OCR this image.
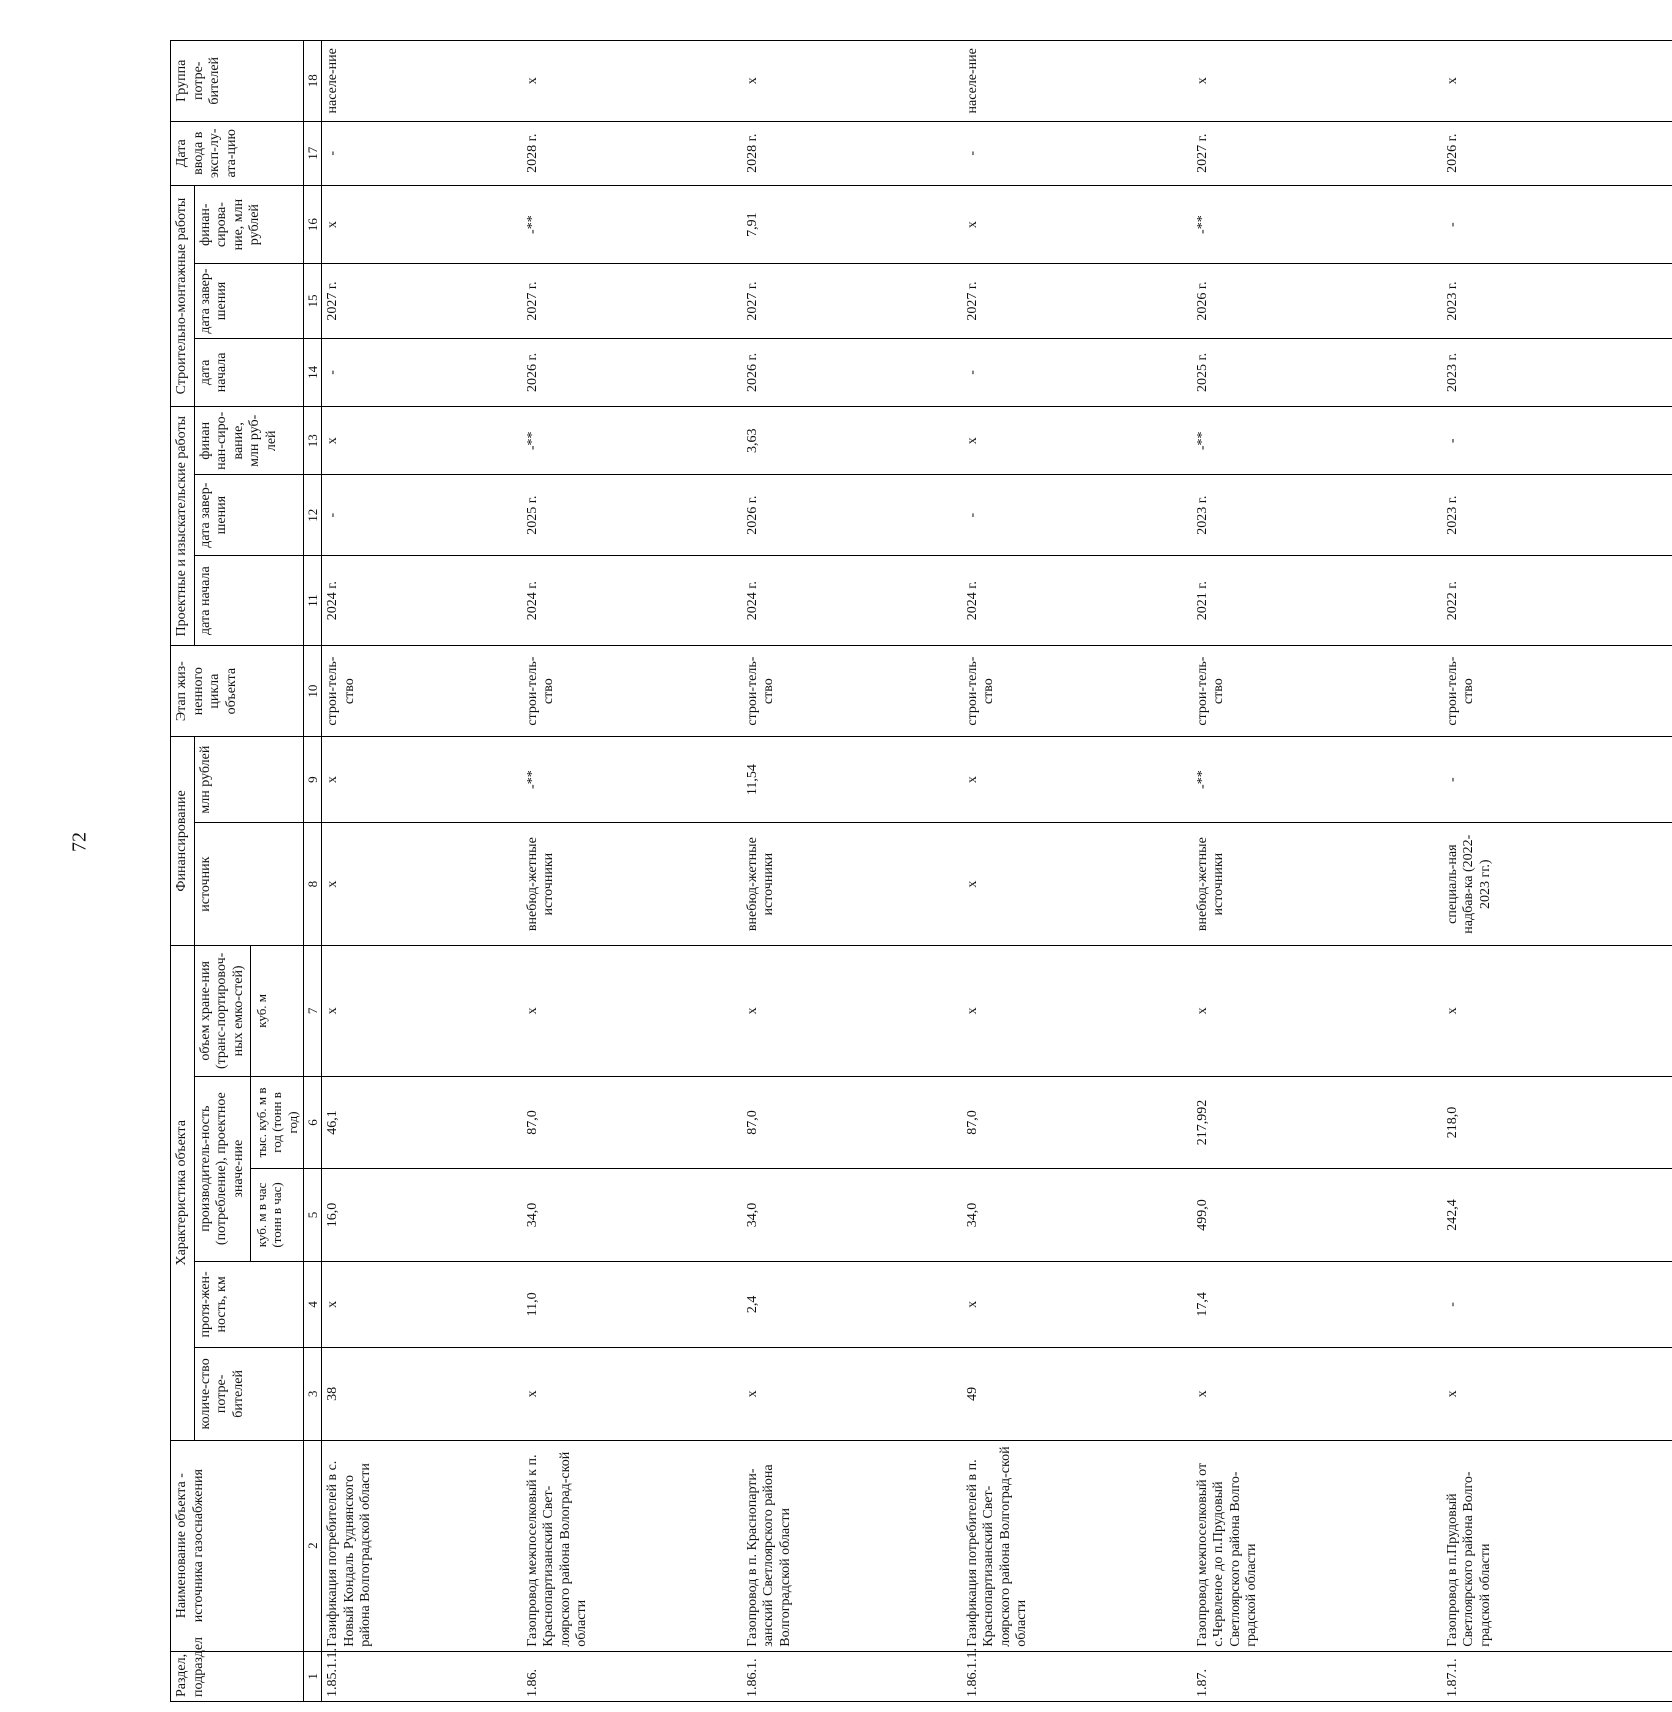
72
Раздел, подраздел	Наименование объекта - источника газоснабжения	Характеристика объекта					Финансирование		Этап жиз-ненного цикла объекта	Проектные и изыскательские работы			Строительно-монтажные работы			Дата ввода в эксп-лу-ата-цию	Группа потре-бителей
		количе-ство потре-бителей	протя-жен-ность, км	производитель-ность (потребление), проектное значе-ние		объем хране-ния (транс-портировоч-ных емко-стей)	источник	млн рублей		дата начала	дата завер-шения	финан нан-сиро-вание, млн руб-лей	дата начала	дата завер-шения	финан-сирова-ние, млн рублей		
				куб. м в час (тонн в час)	тыс. куб. м в год (тонн в год)	куб. м											

1	2	3	4	5	6	7	8	9	10	11	12	13	14	15	16	17	18
1.85.1.1.	Газификация потребителей в с. Новый Кондаль Руднянского района Волгоградской области	38	х	16,0	46,1	х	х	х	строи-тель-ство	2024 г.	-	х	-	2027 г.	х	-	населе-ние
1.86.	Газопровод межпоселковый к п. Краснопартизанский Свет-лоярского района Волоград-ской области	х	11,0	34,0	87,0	х	внебюд-жетные источники	-**	строи-тель-ство	2024 г.	2025 г.	-**	2026 г.	2027 г.	-**	2028 г.	х
1.86.1.	Газопровод в п. Краснопарти-занский Светлоярского района Волгоградской области	х	2,4	34,0	87,0	х	внебюд-жетные источники	11,54	строи-тель-ство	2024 г.	2026 г.	3,63	2026 г.	2027 г.	7,91	2028 г.	х
1.86.1.1.	Газификация потребителей в п. Краснопартизанский Свет-лоярского района Волгоград-ской области	49	х	34,0	87,0	х	х	х	строи-тель-ство	2024 г.	-	х	-	2027 г.	х	-	населе-ние
1.87.	Газопровод межпоселковый от с.Червленое до п.Прудовый Светлоярского района Волго-градской области	х	17,4	499,0	217,992	х	внебюд-жетные источники	-**	строи-тель-ство	2021 г.	2023 г.	-**	2025 г.	2026 г.	-**	2027 г.	х
1.87.1.	Газопровод в п.Прудовый Светлоярского района Волго-градской области	х	-	242,4	218,0	х	специаль-ная надбав-ка (2022-2023 гг.)	-	строи-тель-ство	2022 г.	2023 г.	-	2023 г.	2023 г.	-	2026 г.	х
